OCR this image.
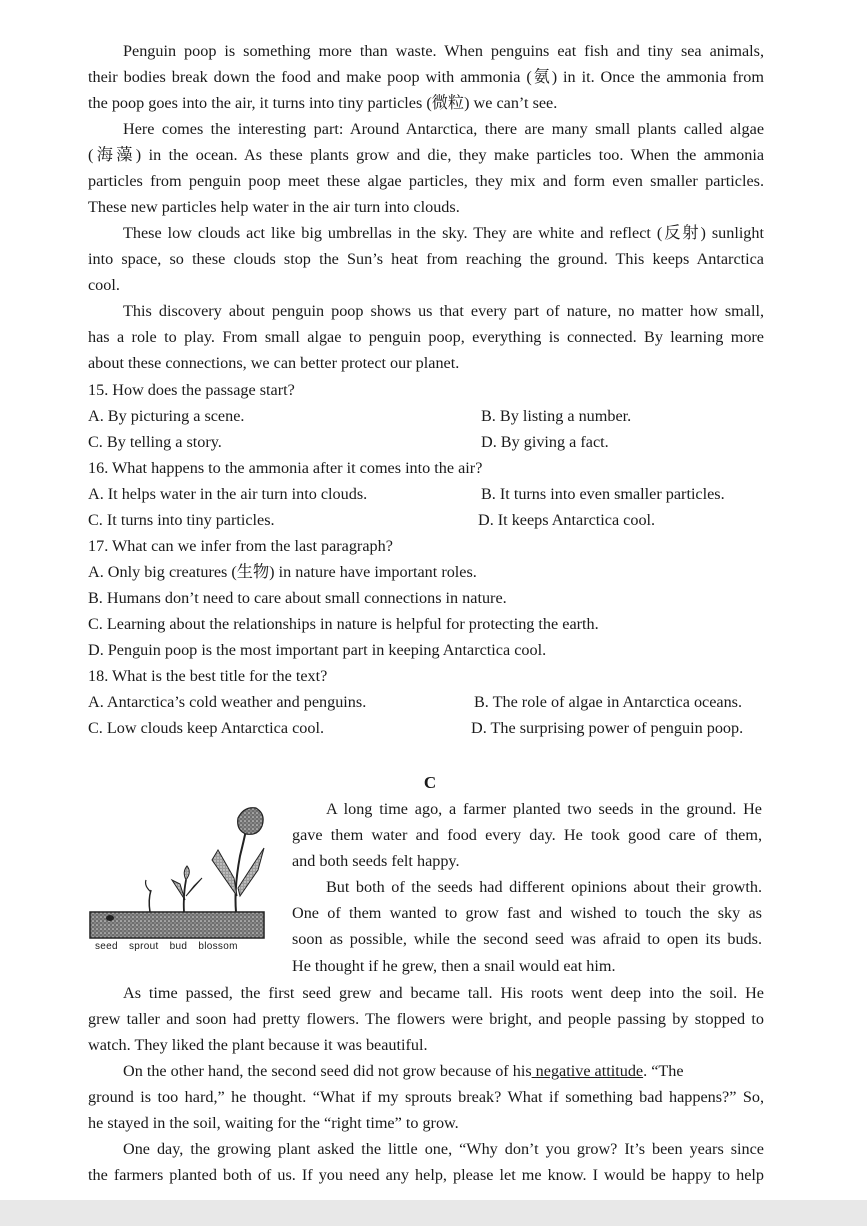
Penguin poop is something more than waste. When penguins eat fish and tiny sea animals,
their bodies break down the food and make poop with ammonia (氨) in it. Once the ammonia from
the poop goes into the air, it turns into tiny particles (微粒) we can’t see.
Here comes the interesting part: Around Antarctica, there are many small plants called algae
(海藻) in the ocean. As these plants grow and die, they make particles too. When the ammonia
particles from penguin poop meet these algae particles, they mix and form even smaller particles.
These new particles help water in the air turn into clouds.
These low clouds act like big umbrellas in the sky. They are white and reflect (反射) sunlight
into space, so these clouds stop the Sun’s heat from reaching the ground. This keeps Antarctica
cool.
This discovery about penguin poop shows us that every part of nature, no matter how small,
has a role to play. From small algae to penguin poop, everything is connected. By learning more
about these connections, we can better protect our planet.
15. How does the passage start?
A. By picturing a scene.	B. By listing a number.
C. By telling a story.	D. By giving a fact.
16. What happens to the ammonia after it comes into the air?
A. It helps water in the air turn into clouds.	B. It turns into even smaller particles.
C. It turns into tiny particles.	D. It keeps Antarctica cool.
17. What can we infer from the last paragraph?
A. Only big creatures (生物) in nature have important roles.
B. Humans don’t need to care about small connections in nature.
C. Learning about the relationships in nature is helpful for protecting the earth.
D. Penguin poop is the most important part in keeping Antarctica cool.
18. What is the best title for the text?
A. Antarctica’s cold weather and penguins.	B. The role of algae in Antarctica oceans.
C. Low clouds keep Antarctica cool.	D. The surprising power of penguin poop.
C
seed sprout bud blossom
A long time ago, a farmer planted two seeds in the ground. He
gave them water and food every day. He took good care of them,
and both seeds felt happy.
But both of the seeds had different opinions about their growth.
One of them wanted to grow fast and wished to touch the sky as
soon as possible, while the second seed was afraid to open its buds.
He thought if he grew, then a snail would eat him.
As time passed, the first seed grew and became tall. His roots went deep into the soil. He
grew taller and soon had pretty flowers. The flowers were bright, and people passing by stopped to
watch. They liked the plant because it was beautiful.
On the other hand, the second seed did not grow because of his negative attitude. “The
ground is too hard,” he thought. “What if my sprouts break? What if something bad happens?” So,
he stayed in the soil, waiting for the “right time” to grow.
One day, the growing plant asked the little one, “Why don’t you grow? It’s been years since
the farmers planted both of us. If you need any help, please let me know. I would be happy to help
